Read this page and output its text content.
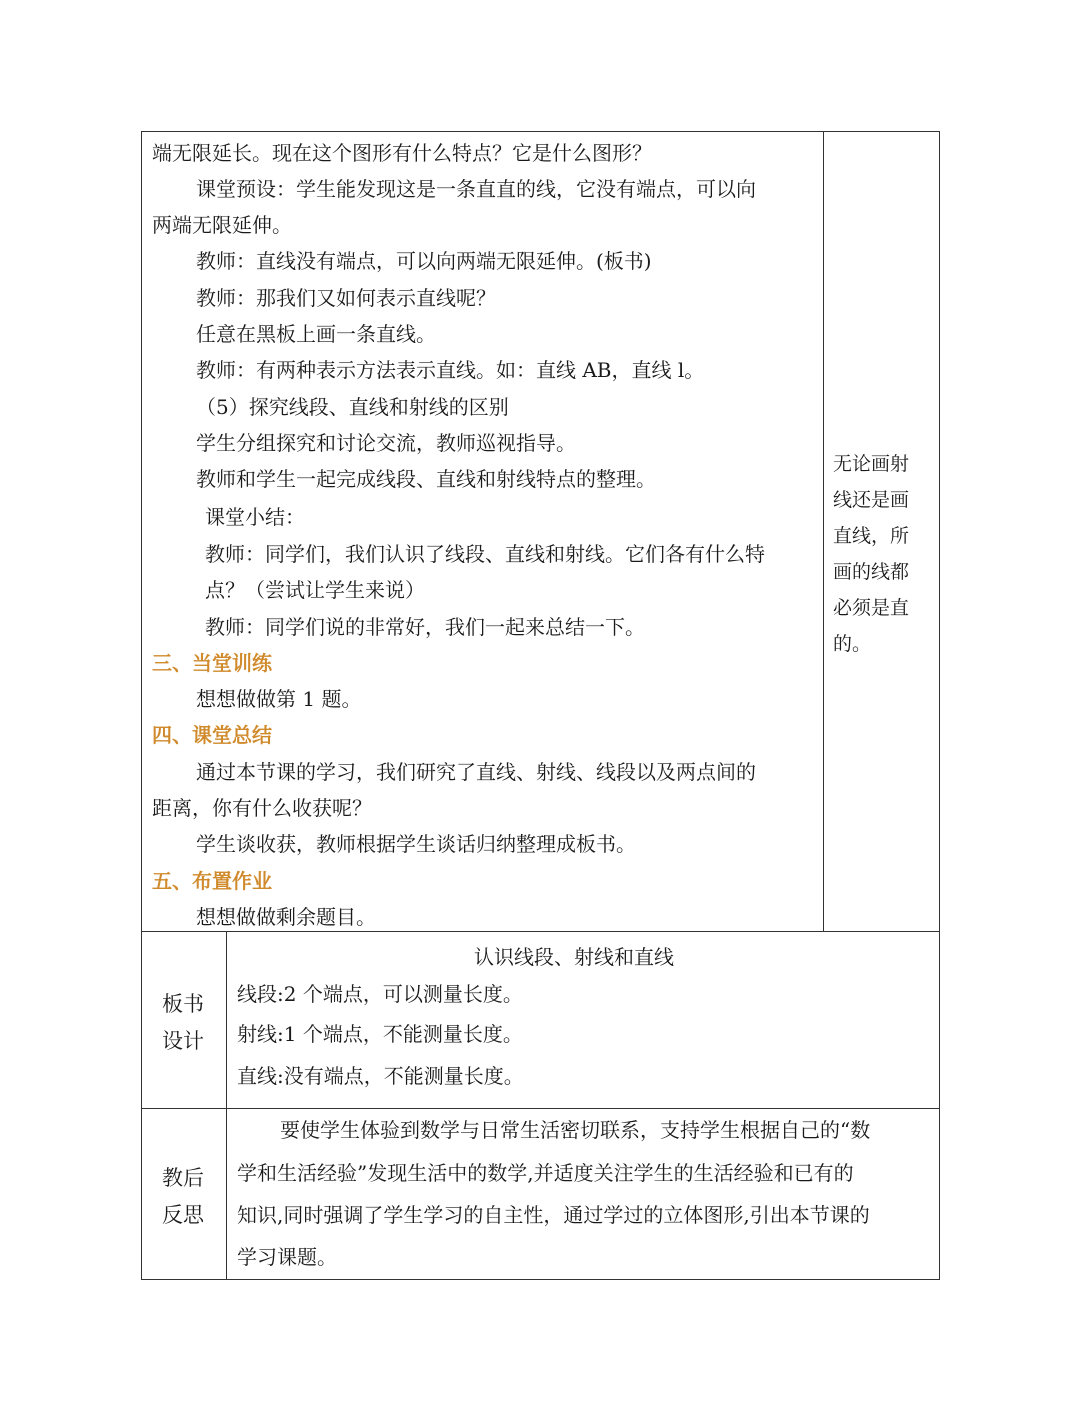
端无限延长。现在这个图形有什么特点？它是什么图形？
课堂预设：学生能发现这是一条直直的线，它没有端点，可以向
两端无限延伸。
教师：直线没有端点，可以向两端无限延伸。(板书)
教师：那我们又如何表示直线呢？
任意在黑板上画一条直线。
教师：有两种表示方法表示直线。如：直线 AB，直线 l。
（5）探究线段、直线和射线的区别
学生分组探究和讨论交流，教师巡视指导。
教师和学生一起完成线段、直线和射线特点的整理。
课堂小结：
教师：同学们，我们认识了线段、直线和射线。它们各有什么特
点？（尝试让学生来说）
教师：同学们说的非常好，我们一起来总结一下。
三、当堂训练
想想做做第 1 题。
四、课堂总结
通过本节课的学习，我们研究了直线、射线、线段以及两点间的
距离，你有什么收获呢？
学生谈收获，教师根据学生谈话归纳整理成板书。
五、布置作业
想想做做剩余题目。
无论画射
线还是画
直线，所
画的线都
必须是直
的。
板书
设计
认识线段、射线和直线
线段:2 个端点，可以测量长度。
射线:1 个端点，不能测量长度。
直线:没有端点，不能测量长度。
教后
反思
要使学生体验到数学与日常生活密切联系，支持学生根据自己的“数
学和生活经验”发现生活中的数学,并适度关注学生的生活经验和已有的
知识,同时强调了学生学习的自主性，通过学过的立体图形,引出本节课的
学习课题。
